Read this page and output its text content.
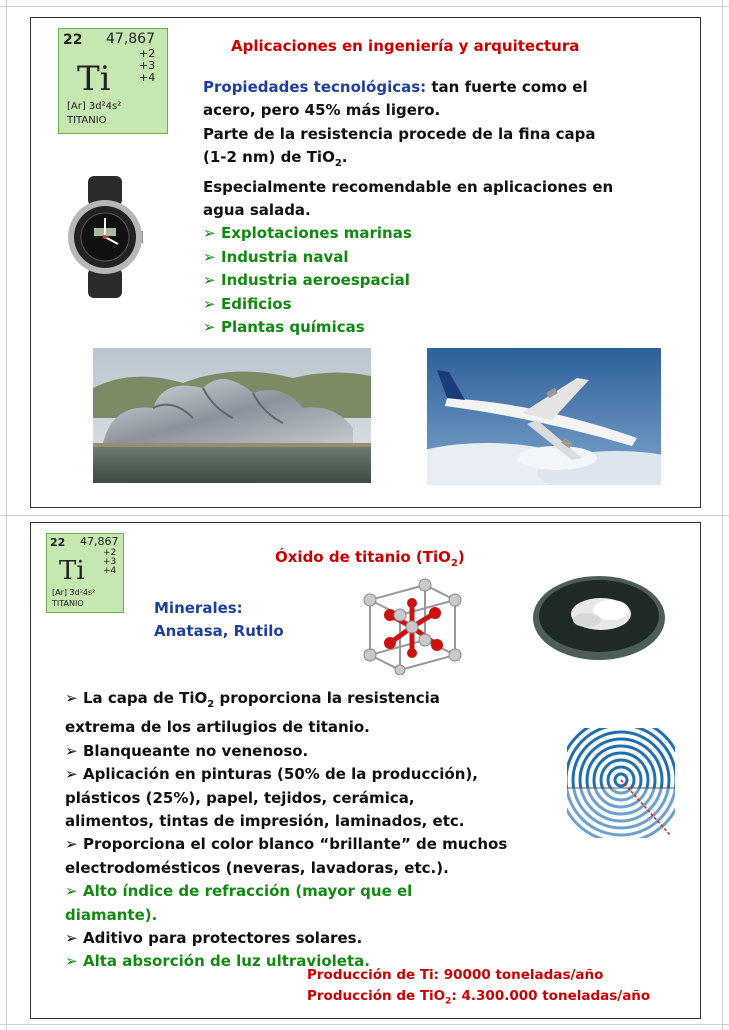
22 47,867
+2
+3
+4
Ti
[Ar] 3d²4s²
TITANIO
Aplicaciones en ingeniería y arquitectura

Propiedades tecnológicas: tan fuerte como el

acero, pero 45% más ligero.

Parte de la resistencia procede de la fina capa

(1-2 nm) de TiO$_2$.

Especialmente recomendable en aplicaciones en

agua salada.

➢ Explotaciones marinas

➢ Industria naval

➢ Industria aeroespacial

➢ Edificios

➢ Plantas químicas

22 47,867
+2
+3
+4
Ti
[Ar] 3d²4s²
TITANIO
Óxido de titanio (TiO$_2$)

Minerales:

Anatasa, Rutilo

➢ La capa de TiO$_2$ proporciona la resistencia

extrema de los artilugios de titanio.

➢ Blanqueante no venenoso.

➢ Aplicación en pinturas (50% de la producción),

plásticos (25%), papel, tejidos, cerámica,

alimentos, tintas de impresión, laminados, etc.

➢ Proporciona el color blanco “brillante” de muchos

electrodomésticos (neveras, lavadoras, etc.).

➢ Alto índice de refracción (mayor que el

diamante).

➢ Aditivo para protectores solares.

➢ Alta absorción de luz ultravioleta.

Producción de Ti: 90000 toneladas/año

Producción de TiO$_2$: 4.300.000 toneladas/año
